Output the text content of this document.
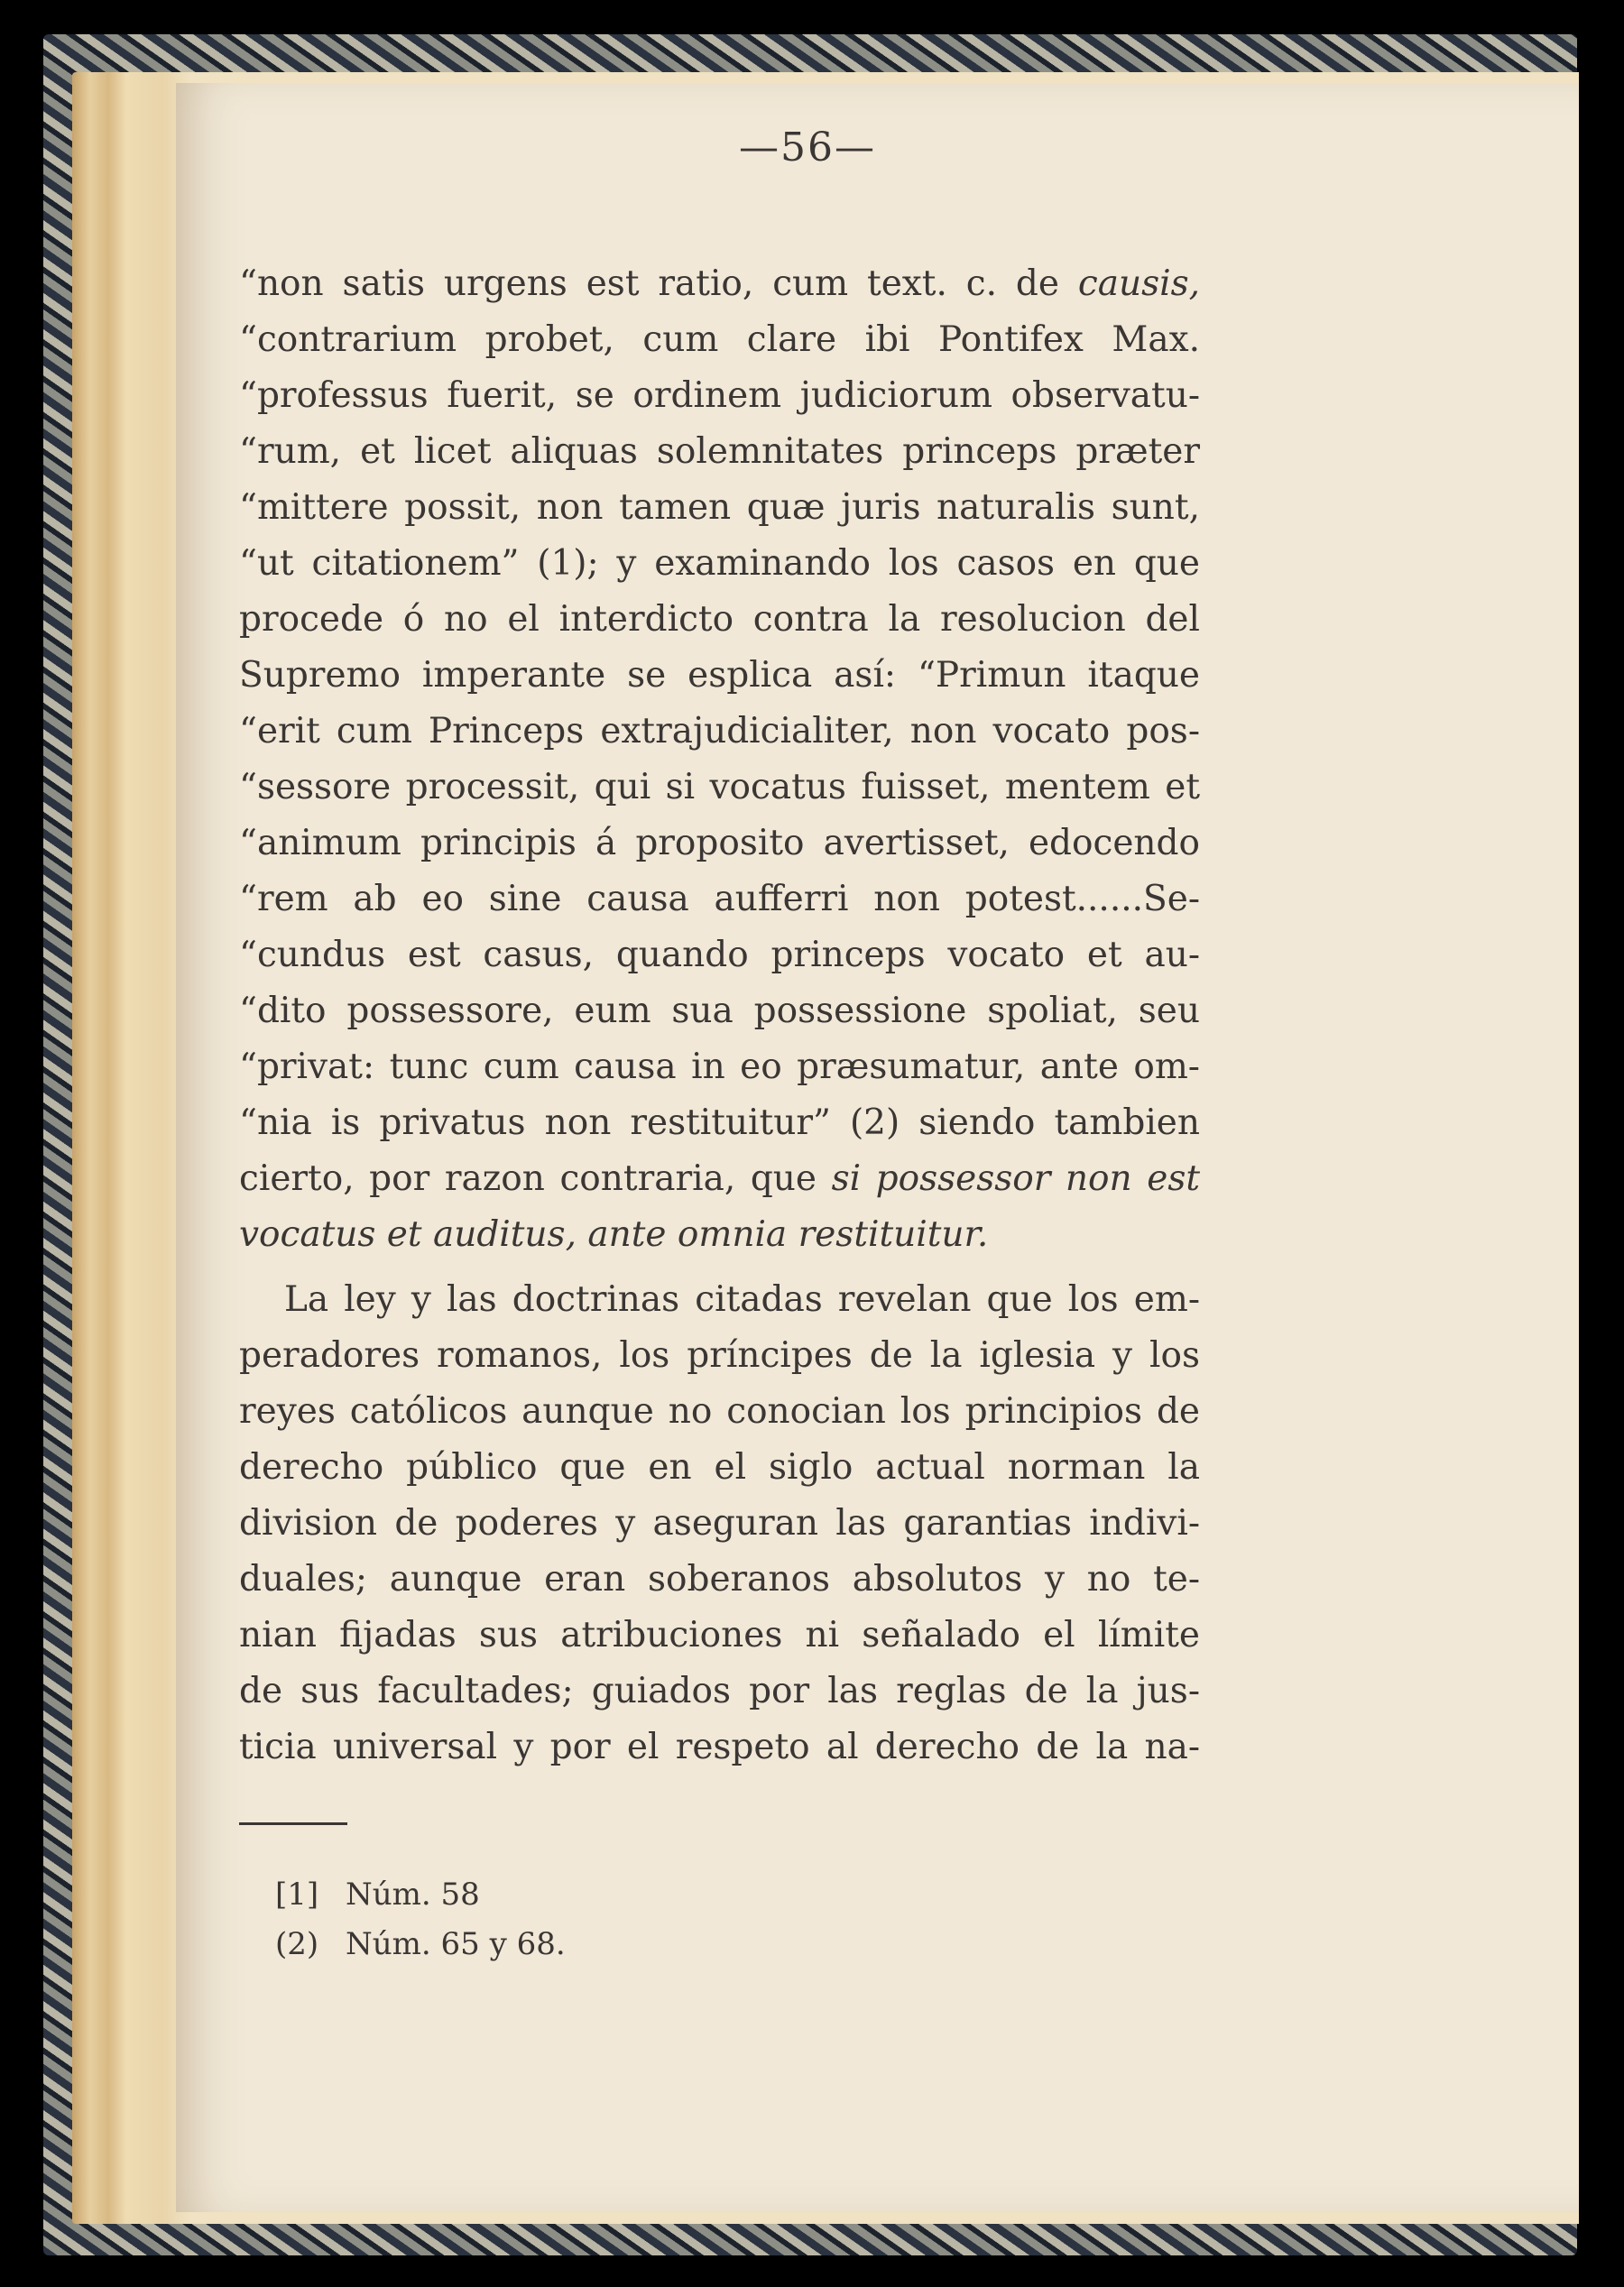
—56—
“non satis urgens est ratio, cum text. c. de causis,
“contrarium probet, cum clare ibi Pontifex Max.
“professus fuerit, se ordinem judiciorum observatu-
“rum, et licet aliquas solemnitates princeps præter
“mittere possit, non tamen quæ juris naturalis sunt,
“ut citationem” (1); y examinando los casos en que
procede ó no el interdicto contra la resolucion del
Supremo imperante se esplica así: “Primun itaque
“erit cum Princeps extrajudicialiter, non vocato pos-
“sessore processit, qui si vocatus fuisset, mentem et
“animum principis á proposito avertisset, edocendo
“rem ab eo sine causa aufferri non potest......Se-
“cundus est casus, quando princeps vocato et au-
“dito possessore, eum sua possessione spoliat, seu
“privat: tunc cum causa in eo præsumatur, ante om-
“nia is privatus non restituitur” (2) siendo tambien
cierto, por razon contraria, que si possessor non est
vocatus et auditus, ante omnia restituitur.
La ley y las doctrinas citadas revelan que los em-
peradores romanos, los príncipes de la iglesia y los
reyes católicos aunque no conocian los principios de
derecho público que en el siglo actual norman la
division de poderes y aseguran las garantias indivi-
duales; aunque eran soberanos absolutos y no te-
nian fijadas sus atribuciones ni señalado el límite
de sus facultades; guiados por las reglas de la jus-
ticia universal y por el respeto al derecho de la na-
[1] Núm. 58
(2) Núm. 65 y 68.
